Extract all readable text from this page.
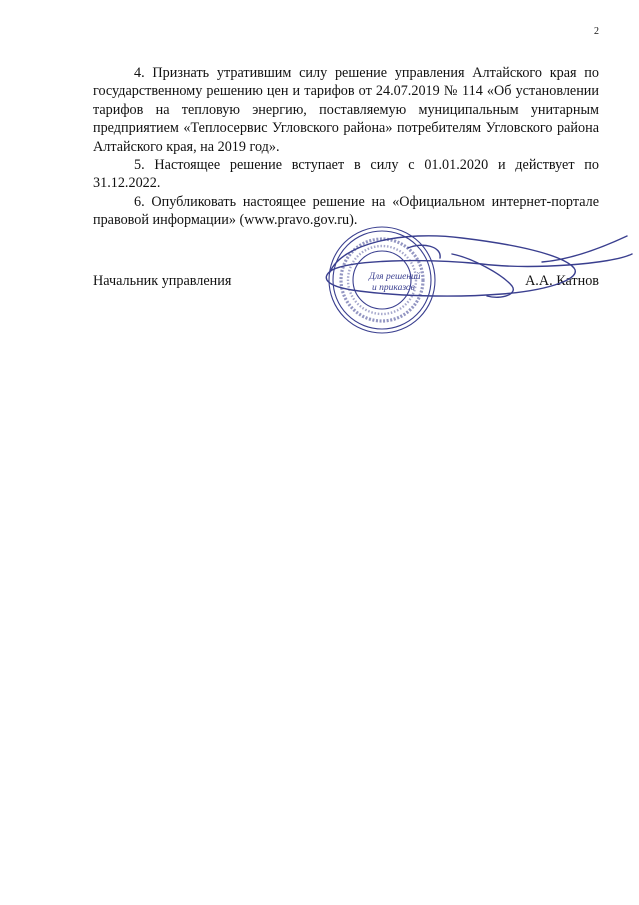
2

4. Признать утратившим силу решение управления Алтайского края по государственному решению цен и тарифов от 24.07.2019 № 114 «Об установлении тарифов на тепловую энергию, поставляемую муниципальным унитарным предприятием «Теплосервис Угловского района» потребителям Угловского района Алтайского края, на 2019 год».

5. Настоящее решение вступает в силу с 01.01.2020 и действует по 31.12.2022.

6. Опубликовать настоящее решение на «Официальном интернет-портале правовой информации» (www.pravo.gov.ru).

Начальник управления	А.А. Катнов
Для решений
и приказов
